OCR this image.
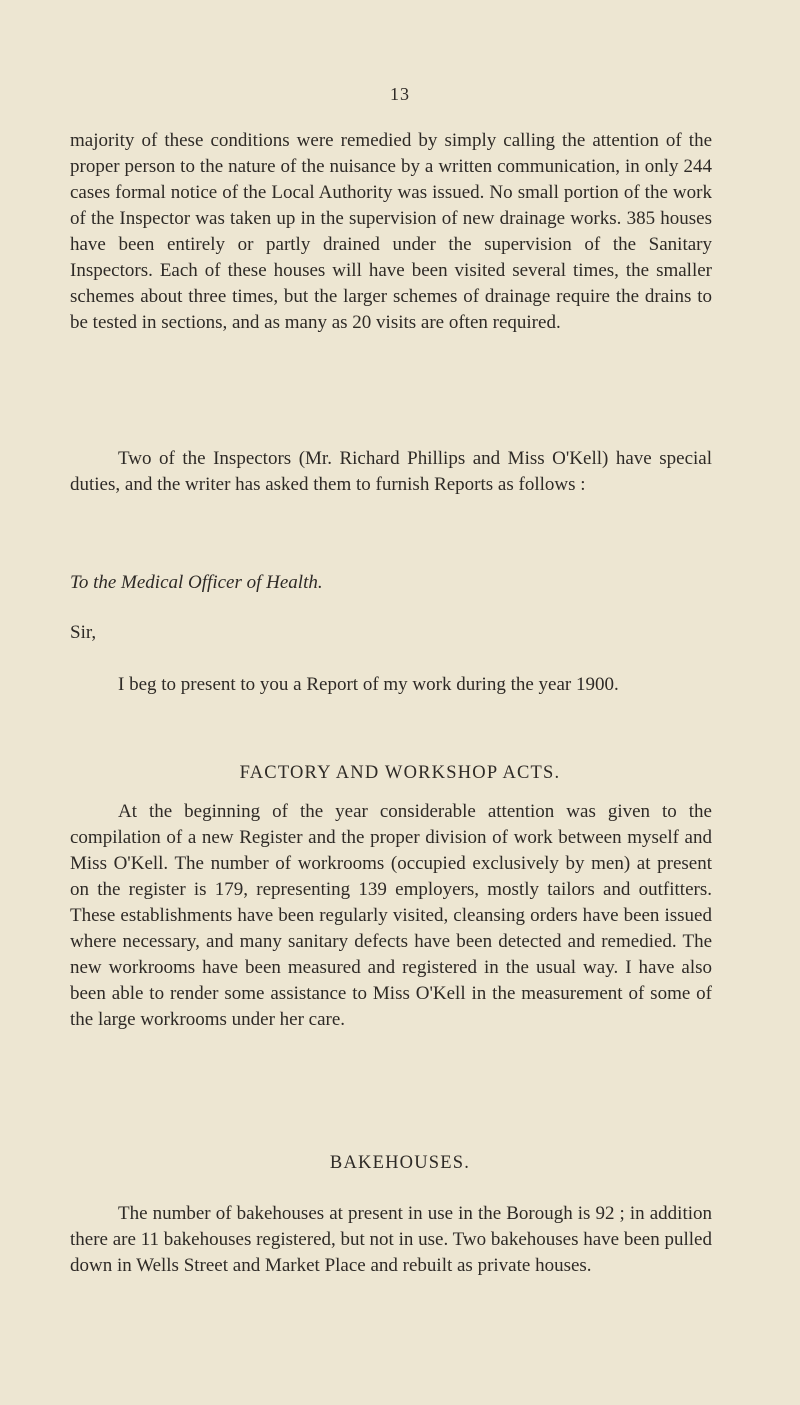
13

majority of these conditions were remedied by simply calling the attention of the proper person to the nature of the nuisance by a written communication, in only 244 cases formal notice of the Local Authority was issued. No small portion of the work of the Inspector was taken up in the supervision of new drainage works. 385 houses have been entirely or partly drained under the supervision of the Sanitary Inspectors. Each of these houses will have been visited several times, the smaller schemes about three times, but the larger schemes of drainage require the drains to be tested in sections, and as many as 20 visits are often required.

Two of the Inspectors (Mr. Richard Phillips and Miss O'Kell) have special duties, and the writer has asked them to furnish Reports as follows :

To the Medical Officer of Health.
Sir,

I beg to present to you a Report of my work during the year 1900.

FACTORY AND WORKSHOP ACTS.

At the beginning of the year considerable attention was given to the compilation of a new Register and the proper division of work between myself and Miss O'Kell. The number of workrooms (occupied exclusively by men) at present on the register is 179, representing 139 employers, mostly tailors and outfitters. These establishments have been regularly visited, cleansing orders have been issued where necessary, and many sanitary defects have been detected and remedied. The new workrooms have been measured and registered in the usual way. I have also been able to render some assistance to Miss O'Kell in the measurement of some of the large workrooms under her care.

BAKEHOUSES.

The number of bakehouses at present in use in the Borough is 92 ; in addition there are 11 bakehouses registered, but not in use. Two bakehouses have been pulled down in Wells Street and Market Place and rebuilt as private houses.
